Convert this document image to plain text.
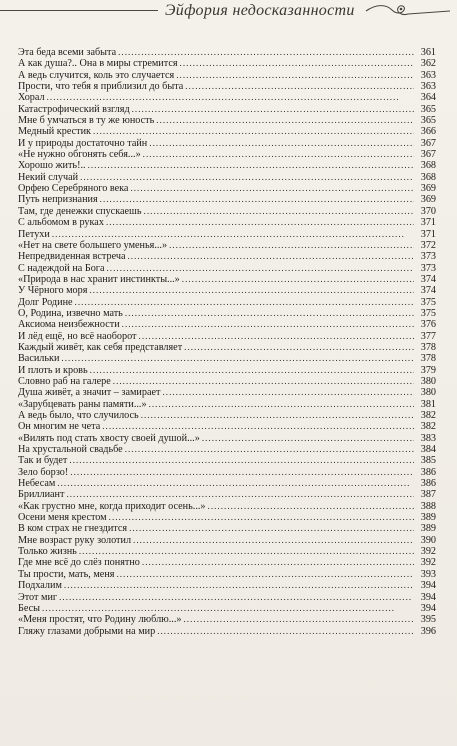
Эйфория недосказанности
Эта беда всеми забыта . . .	361
А как душа?.. Она в миры стремится . . .	362
А ведь случится, коль это случается . . .	363
Прости, что тебя я приблизил до быта . . .	363
Хорал . . .	364
Катастрофический взгляд . . .	365
Мне б умчаться в ту же юность . . .	365
Медный крестик . . .	366
И у природы достаточно тайн . . .	367
«Не нужно обгонять себя...» . . .	367
Хорошо жить!.. . . .	368
Некий случай . . .	368
Орфею Серебряного века . . .	369
Путь непризнания . . .	369
Там, где денежки спускаешь . . .	370
С альбомом в руках . . .	371
Петухи . . .	371
«Нет на свете большего уменья...» . . .	372
Непредвиденная встреча . . .	373
С надеждой на Бога . . .	373
«Природа в нас хранит инстинкты...» . . .	374
У Чёрного моря . . .	374
Долг Родине . . .	375
О, Родина, извечно мать . . .	375
Аксиома неизбежности . . .	376
И лёд ещё, но всё наоборот . . .	377
Каждый живёт, как себя представляет . . .	378
Васильки . . .	378
И плоть и кровь . . .	379
Словно раб на галере . . .	380
Душа живёт, а значит – замирает . . .	380
«Зарубцевать раны памяти...» . . .	381
А ведь было, что случилось . . .	382
Он многим не чета . . .	382
«Вилять под стать хвосту своей душой...» . . .	383
На хрустальной свадьбе . . .	384
Так и будет . . .	385
Зело борзо! . . .	386
Небесам . . .	386
Бриллиант . . .	387
«Как грустно мне, когда приходит осень...» . . .	388
Осени меня крестом . . .	389
В ком страх не гнездится . . .	389
Мне возраст руку золотил . . .	390
Только жизнь . . .	392
Где мне всё до слёз понятно . . .	392
Ты прости, мать, меня . . .	393
Подхалим . . .	394
Этот миг . . .	394
Бесы . . .	394
«Меня простят, что Родину люблю...» . . .	395
Гляжу глазами добрыми на мир . . .	396
